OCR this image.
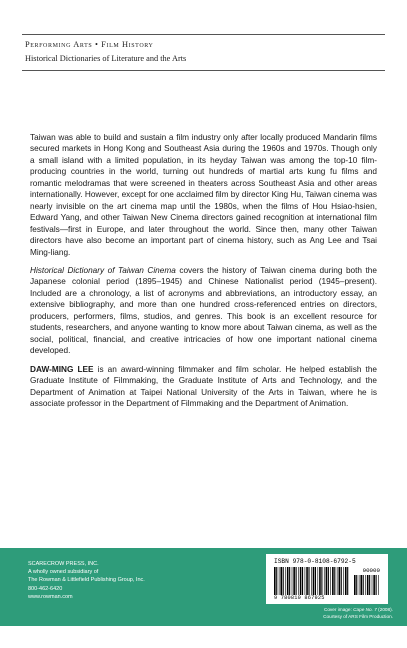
Performing Arts • Film History
Historical Dictionaries of Literature and the Arts

Taiwan was able to build and sustain a film industry only after locally produced Mandarin films secured markets in Hong Kong and Southeast Asia during the 1960s and 1970s. Though only a small island with a limited population, in its heyday Taiwan was among the top-10 film-producing countries in the world, turning out hundreds of martial arts kung fu films and romantic melodramas that were screened in theaters across Southeast Asia and other areas internationally. However, except for one acclaimed film by director King Hu, Taiwan cinema was nearly invisible on the art cinema map until the 1980s, when the films of Hou Hsiao-hsien, Edward Yang, and other Taiwan New Cinema directors gained recognition at international film festivals—first in Europe, and later throughout the world. Since then, many other Taiwan directors have also become an important part of cinema history, such as Ang Lee and Tsai Ming-liang.

Historical Dictionary of Taiwan Cinema covers the history of Taiwan cinema during both the Japanese colonial period (1895–1945) and Chinese Nationalist period (1945–present). Included are a chronology, a list of acronyms and abbreviations, an introductory essay, an extensive bibliography, and more than one hundred cross-referenced entries on directors, producers, performers, films, studios, and genres. This book is an excellent resource for students, researchers, and anyone wanting to know more about Taiwan cinema, as well as the social, political, financial, and creative intricacies of how one important national cinema developed.

DAW-MING LEE is an award-winning filmmaker and film scholar. He helped establish the Graduate Institute of Filmmaking, the Graduate Institute of Arts and Technology, and the Department of Animation at Taipei National University of the Arts in Taiwan, where he is associate professor in the Department of Filmmaking and the Department of Animation.

SCARECROW PRESS, INC.
A wholly owned subsidiary of
The Rowman & Littlefield Publishing Group, Inc.
800-462-6420
www.rowman.com
ISBN 978-0-8108-6792-5
90000
9 780810 867925
Cover image: Cape No. 7 (2008).
Courtesy of ARS Film Production.
